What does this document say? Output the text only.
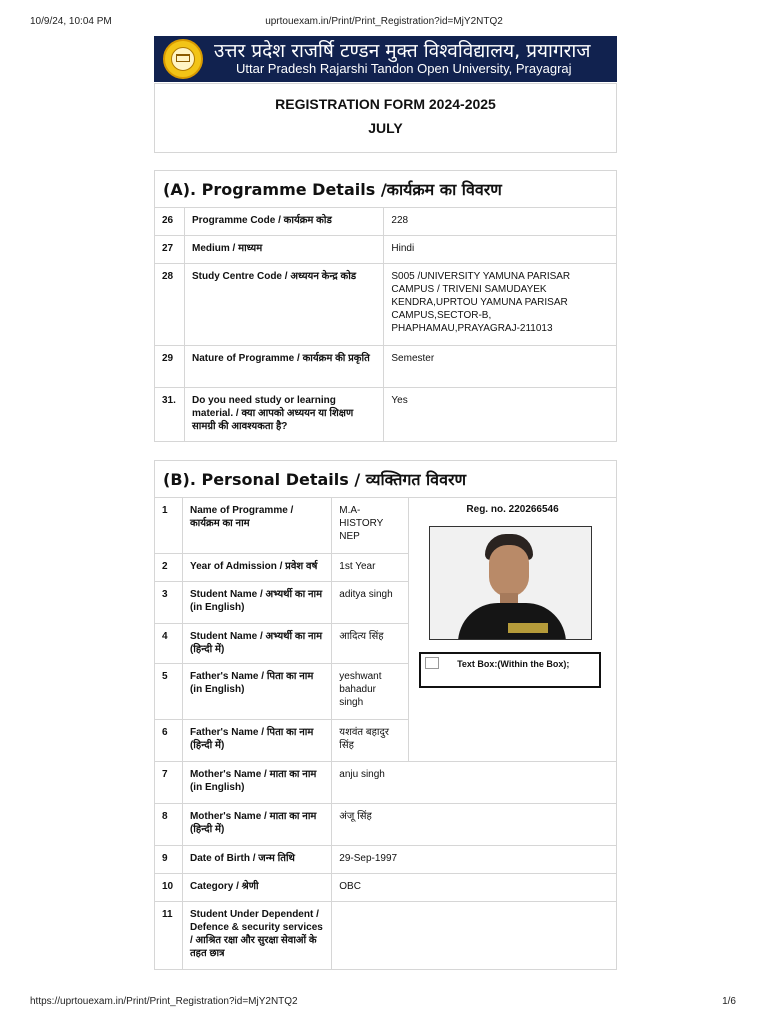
10/9/24, 10:04 PM	uprtouexam.in/Print/Print_Registration?id=MjY2NTQ2
उत्तर प्रदेश राजर्षि टण्डन मुक्त विश्वविद्यालय, प्रयागराज
Uttar Pradesh Rajarshi Tandon Open University, Prayagraj
REGISTRATION FORM 2024-2025
JULY
(A). Programme Details /कार्यक्रम का विवरण
26	Programme Code / कार्यक्रम कोड	228
27	Medium / माध्यम	Hindi
28	Study Centre Code / अध्ययन केन्द्र कोड	S005 /UNIVERSITY YAMUNA PARISAR CAMPUS / TRIVENI SAMUDAYEK KENDRA,UPRTOU YAMUNA PARISAR CAMPUS,SECTOR-B, PHAPHAMAU,PRAYAGRAJ-211013
29	Nature of Programme / कार्यक्रम की प्रकृति	Semester
31.	Do you need study or learning material. / क्या आपको अध्ययन या शिक्षण सामग्री की आवश्यकता है?	Yes
(B). Personal Details / व्यक्तिगत विवरण
1	Name of Programme / कार्यक्रम का नाम	M.A-HISTORY NEP	Reg. no. 220266546
Text Box:(Within the Box);

2	Year of Admission / प्रवेश वर्ष	1st Year	
3	Student Name / अभ्यर्थी का नाम (in English)	aditya singh	
4	Student Name / अभ्यर्थी का नाम (हिन्दी में)	आदित्य सिंह	
5	Father's Name / पिता का नाम (in English)	yeshwant bahadur singh	
6	Father's Name / पिता का नाम (हिन्दी में)	यशवंत बहादुर सिंह	
7	Mother's Name / माता का नाम (in English)	anju singh	
8	Mother's Name / माता का नाम (हिन्दी में)	अंजू सिंह	
9	Date of Birth / जन्म तिथि	29-Sep-1997	
10	Category / श्रेणी	OBC	
11	Student Under Dependent / Defence & security services / आश्रित रक्षा और सुरक्षा सेवाओं के तहत छात्र		
https://uprtouexam.in/Print/Print_Registration?id=MjY2NTQ2	1/6
